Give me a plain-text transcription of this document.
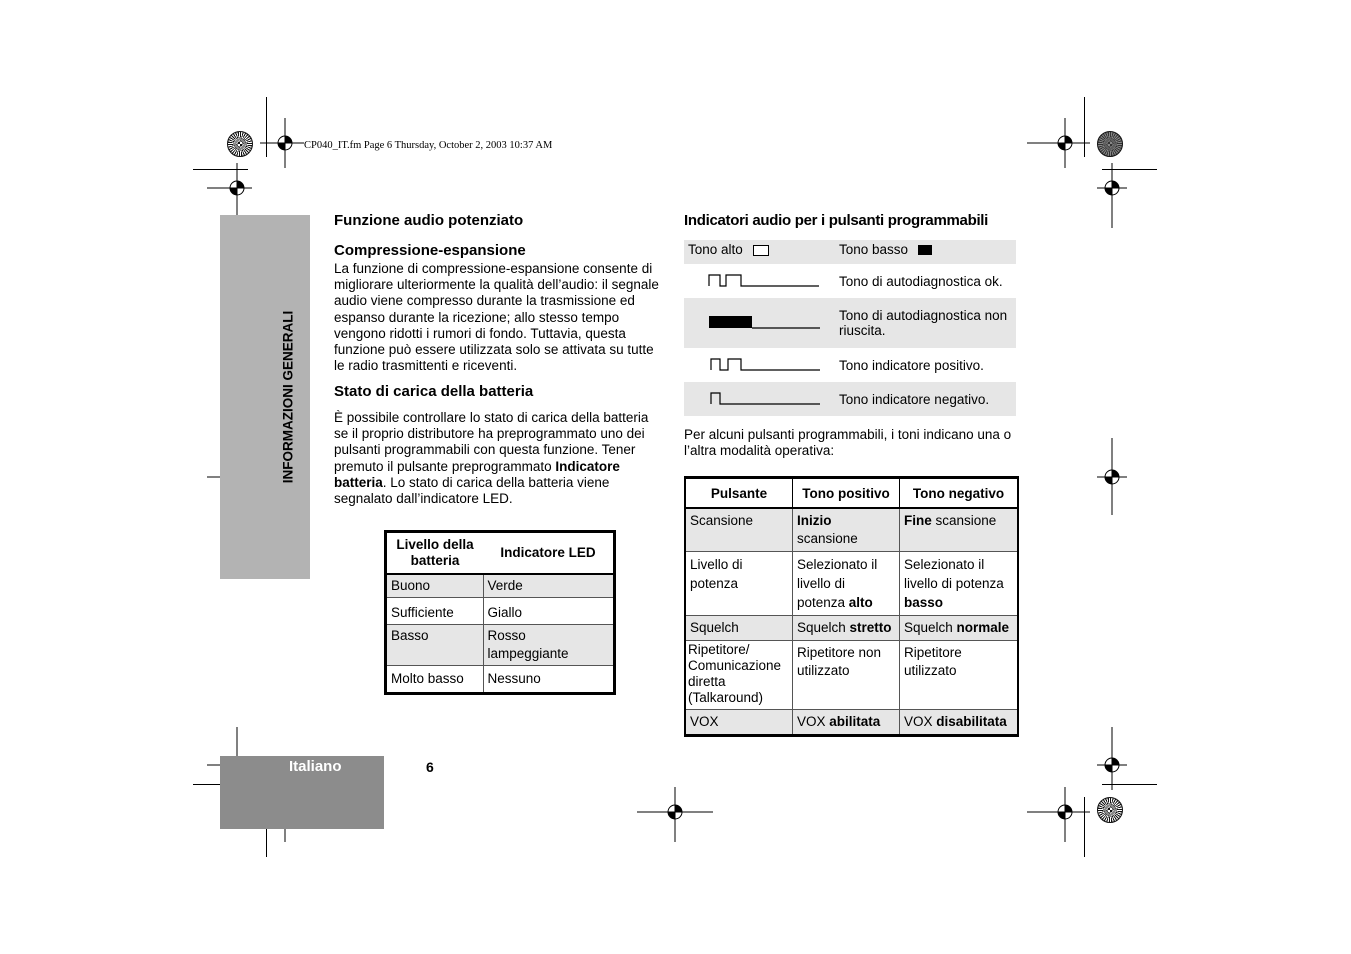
CP040_IT.fm Page 6 Thursday, October 2, 2003 10:37 AM
INFORMAZIONI GENERALI
Italiano	6
Funzione audio potenziato
Compressione-espansione

La funzione di compressione-espansione consente di migliorare ulteriormente la qualità dell’audio: il segnale audio viene compresso durante la trasmissione ed espanso durante la ricezione; allo stesso tempo vengono ridotti i rumori di fondo. Tuttavia, questa funzione può essere utilizzata solo se attivata su tutte le radio trasmittenti e riceventi.

Stato di carica della batteria

È possibile controllare lo stato di carica della batteria se il proprio distributore ha preprogrammato uno dei pulsanti programmabili con questa funzione. Tener premuto il pulsante preprogrammato Indicatore batteria. Lo stato di carica della batteria viene segnalato dall’indicatore LED.

Livello della batteria	Indicatore LED
Buono	Verde
Sufficiente	Giallo
Basso	Rosso lampeggiante
Molto basso	Nessuno
Indicatori audio per i pulsanti programmabili
Tono alto	Tono basso
	Tono di autodiagnostica ok.
	Tono di autodiagnostica non riuscita.
	Tono indicatore positivo.
	Tono indicatore negativo.

Per alcuni pulsanti programmabili, i toni indicano una o l’altra modalità operativa:

Pulsante	Tono positivo	Tono negativo
Scansione	Inizio scansione	Fine scansione
Livello di potenza	Selezionato il livello di potenza alto	Selezionato il livello di potenza basso
Squelch	Squelch stretto	Squelch normale
Ripetitore/ Comunicazione diretta (Talkaround)	Ripetitore non utilizzato	Ripetitore utilizzato
VOX	VOX abilitata	VOX disabilitata
